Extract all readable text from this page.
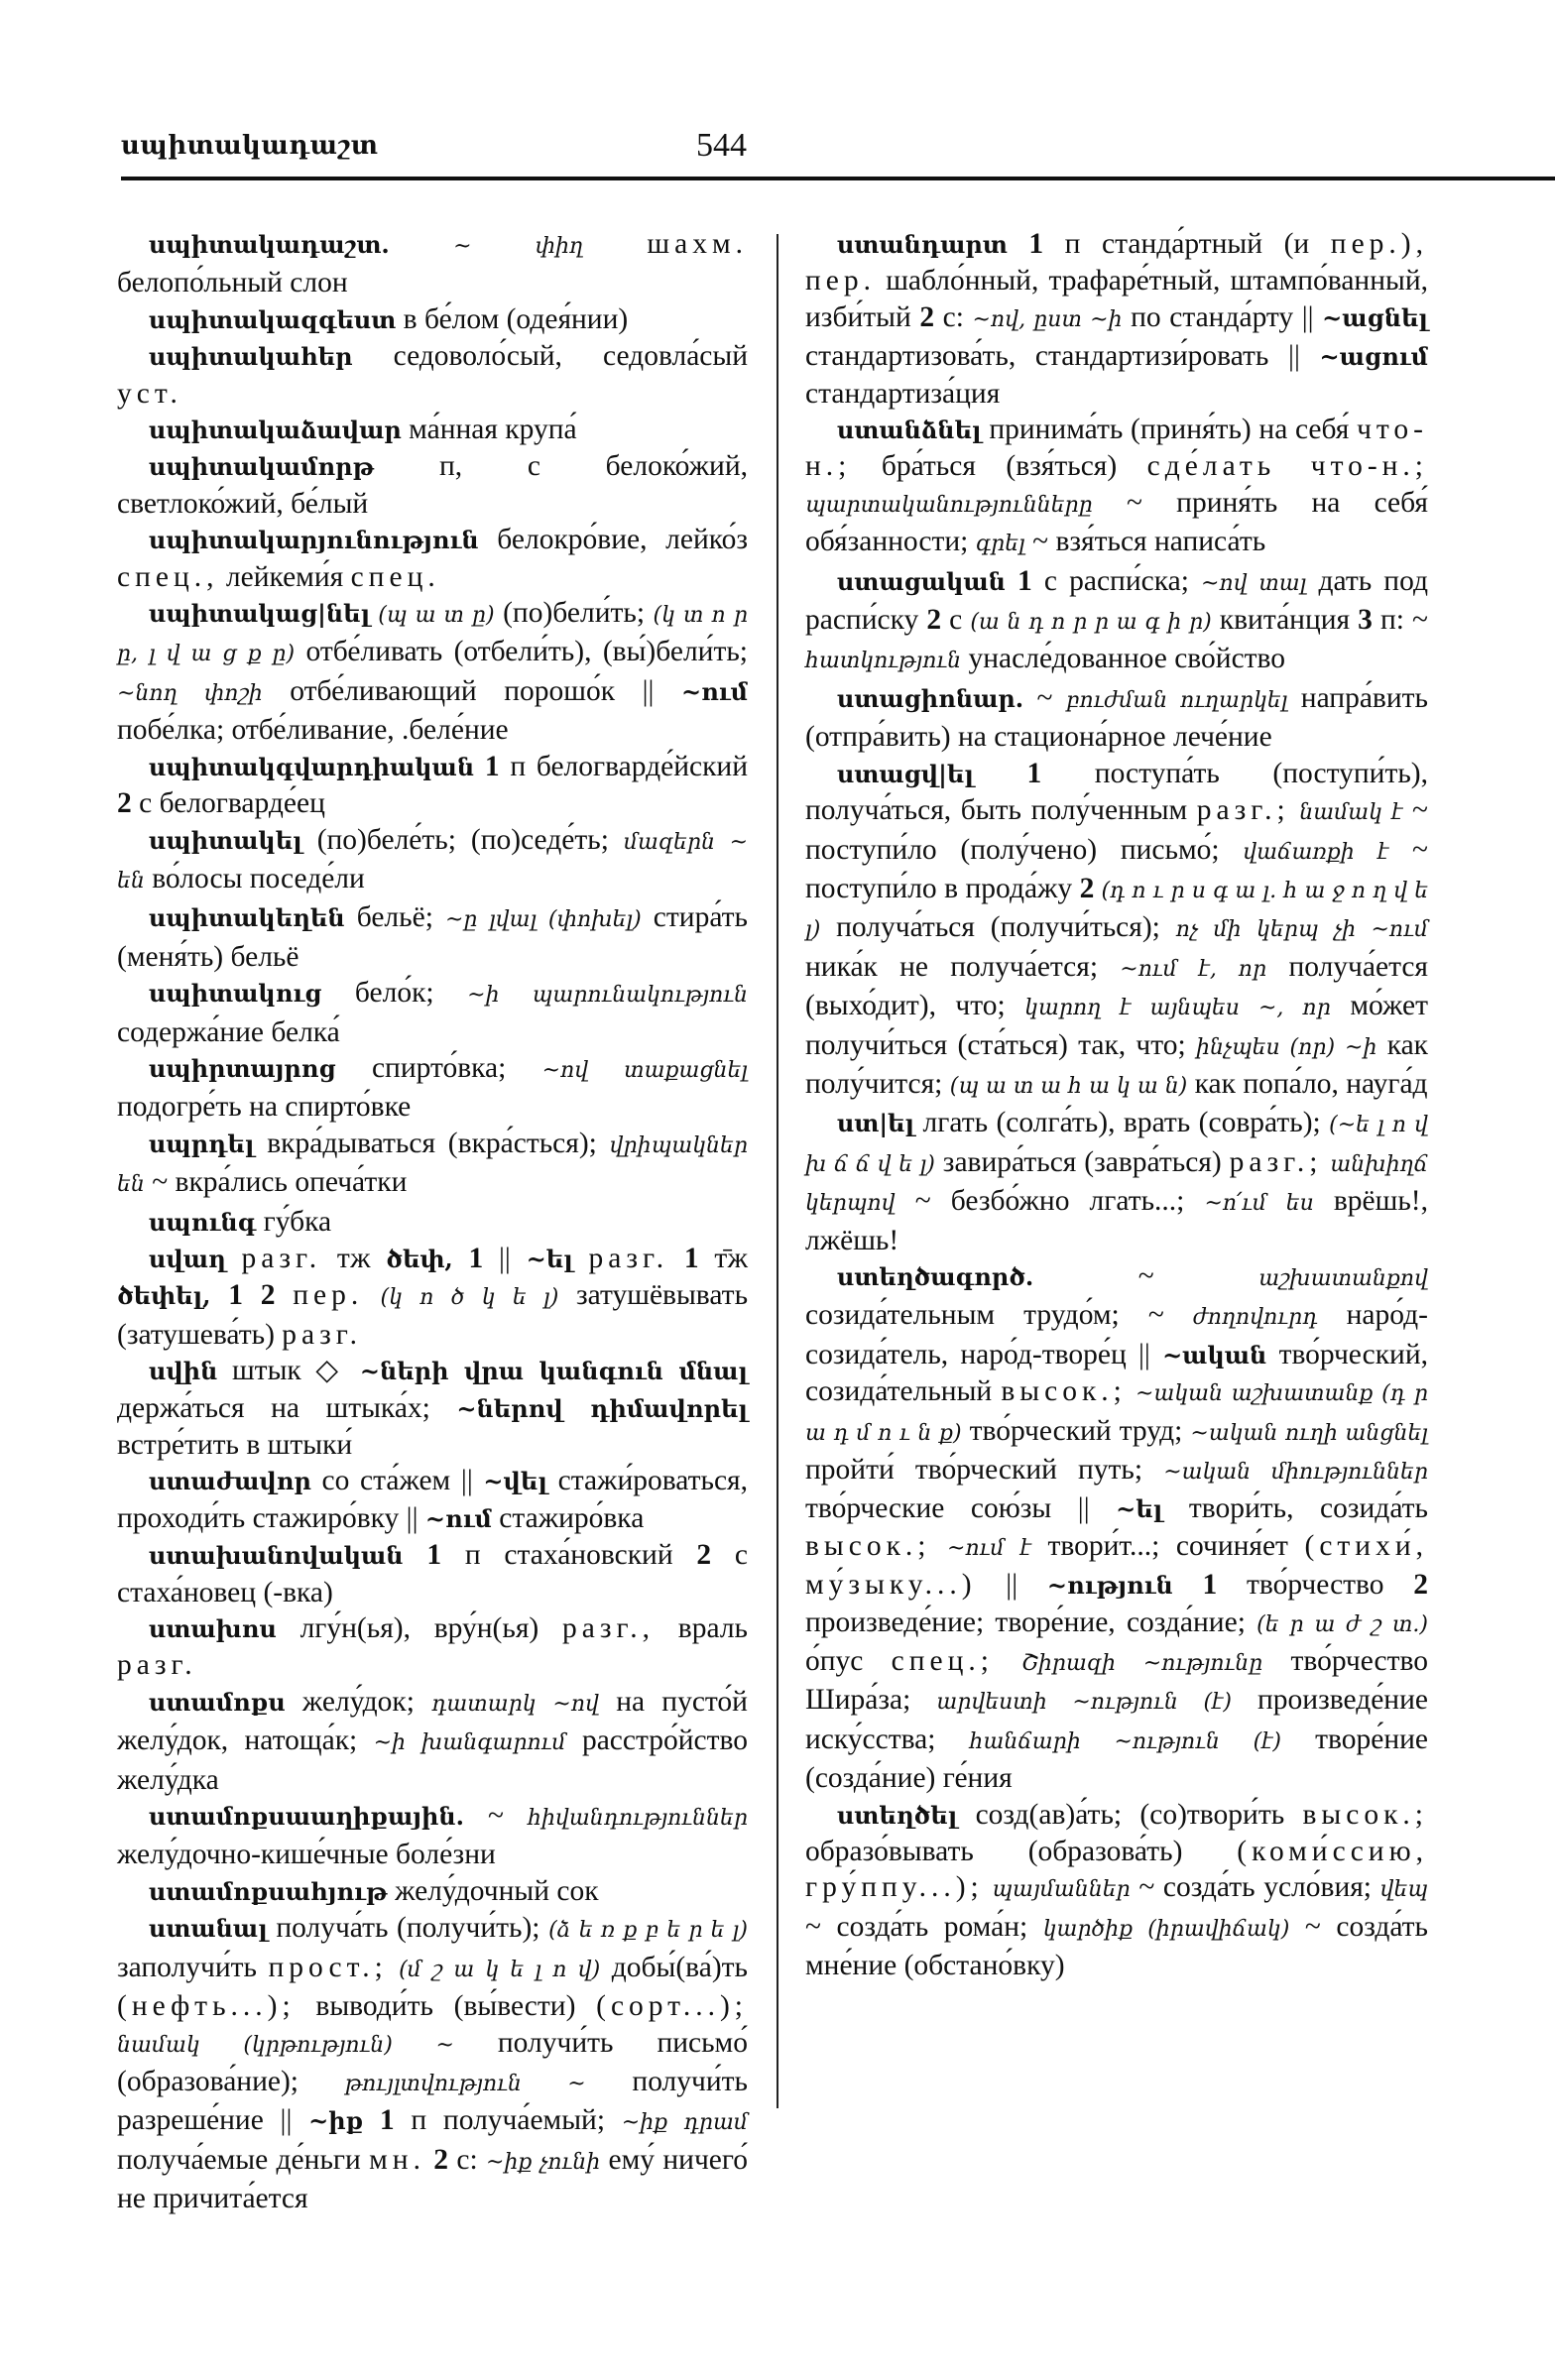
սպիտակադաշտ	544

սպիտակադաշտ.	~ փիղ шахм. белопо́льный слон

սպիտակազգեստ в бе́лом (одея́нии)

սպիտակահեր седоволо́сый, седовла́сый уст.

սպիտակաձավար ма́нная крупа́

սպիտակամորթ п, с белоко́жий, светлоко́жий, бе́лый

սպիտակարյունություն белокро́вие, лейко́з спец., лейкеми́я спец.

սպիտակաց|նել (պ ա տ ը) (по)бели́ть; (կ տ ո ր ը, լ վ ա ց ք ը) отбе́ливать (отбели́ть), (вы́)бели́ть; ~նող փոշի отбе́ливающий порошо́к || ~ում побе́лка; отбе́ливание, .беле́ние

սպիտակգվարդիական 1 п белогварде́йский 2 с белогварде́ец

սպիտակել (по)беле́ть; (по)седе́ть; մազերն ~ են во́лосы поседе́ли

սպիտակեղեն бельё; ~ը լվալ (փոխել) стира́ть (меня́ть) бельё

սպիտակուց бело́к; ~ի պարունակություն содержа́ние белка́

սպիրտայրոց спирто́вка; ~ով տաքացնել подогре́ть на спирто́вке

սպրդել вкра́дываться (вкра́сться); վրիպակներ են ~ вкра́лись опеча́тки

սպունգ гу́бка

սվաղ разг. тж ծեփ, 1 || ~ել разг. 1 т̄ж ծեփել, 1 2 пер. (կ ո ծ կ ե լ) затушёвывать (затушева́ть) разг.

սվին штык ◇ ~ների վրա կանգուն մնալ держа́ться на штыка́х; ~ներով դիմավորել встре́тить в штыки́

ստաժավոր со ста́жем || ~վել стажи́роваться, проходи́ть стажиро́вку || ~ում стажиро́вка

ստախանովական 1 п стаха́новский 2 с стаха́новец (-вка)

ստախոս лгу́н(ья), вру́н(ья) разг., враль разг.

ստամոքս желу́док; դատարկ ~ով на пусто́й желу́док, натоща́к; ~ի խանգարում расстро́йство желу́дка

ստամոքսաաղիքային. ~ հիվանդություններ желу́дочно-кише́чные боле́зни

ստամոքսահյութ желу́дочный сок

ստանալ получа́ть (получи́ть); (ձ ե ռ ք բ ե ր ե լ) заполучи́ть прост.; (մ շ ա կ ե լ ո վ) добы́(ва́)ть (нефть...); выводи́ть (вы́вести) (сорт...); նամակ (կրթություն) ~ получи́ть письмо́ (образова́ние); թույլտվություն ~ получи́ть разреше́ние || ~իք 1 п получа́емый; ~իք դրամ получа́емые де́ньги мн. 2 с: ~իք չունի ему́ ничего́ не причита́ется

ստանդարտ 1 п станда́ртный (и пер.), пер. шабло́нный, трафаре́тный, штампо́ванный, изби́тый 2 с: ~ով, ըստ ~ի по станда́рту || ~ացնել стандартизова́ть, стандартизи́ровать || ~ացում стандартиза́ция

ստանձնել принима́ть (приня́ть) на себя́ что-н.; бра́ться (взя́ться) сде́лать что-н.; պարտականությունները ~ приня́ть на себя́ обя́занности; գրել ~ взя́ться написа́ть

ստացական 1 с распи́ска; ~ով տալ дать под распи́ску 2 с (ա ն դ ո ր ր ա գ ի ր) квита́нция 3 п: ~ հատկություն унасле́дованное сво́йство

ստացիոնար. ~ բուժման ուղարկել напра́вить (отпра́вить) на стациона́рное лече́ние

ստացվ|ել 1 поступа́ть (поступи́ть), получа́ться, быть полу́ченным разг.; նամակ է ~ поступи́ло (полу́чено) письмо́; վաճառքի է ~ поступи́ло в прода́жу 2 (դ ո ւ ր ս գ ա լ․ հ ա ջ ո ղ վ ե լ) получа́ться (получи́ться); ոչ մի կերպ չի ~ում ника́к не получа́ется; ~ում է, որ получа́ется (выхо́дит), что; կարող է այնպես ~, որ мо́жет получи́ться (ста́ться) так, что; ինչպես (որ) ~ի как полу́чится; (պ ա տ ա հ ա կ ա ն) как попа́ло, науга́д

ստ|ել лгать (солга́ть), врать (совра́ть); (~ե լ ո վ խ ճ ճ վ ե լ) завира́ться (завра́ться) разг.; անխիղճ կերպով ~ безбо́жно лгать...; ~ո՛ւմ ես врёшь!, лжёшь!

ստեղծագործ. ~ աշխատանքով созида́тельным трудо́м; ~ ժողովուրդ наро́д-созида́тель, наро́д-творе́ц || ~ական тво́рческий, созида́тельный высок.; ~ական աշխատանք (դ ր ա դ մ ո ւ ն ք) тво́рческий труд; ~ական ուղի անցնել пройти́ тво́рческий путь; ~ական միություններ тво́рческие сою́зы || ~ել твори́ть, созида́ть высок.; ~ում է твори́т...; сочиня́ет (стихи́, му́зыку...) || ~ություն 1 тво́рчество 2 произведе́ние; творе́ние, созда́ние; (ե ր ա ժ շ տ.) о́пус спец.; Շիրազի ~ությունը тво́рчество Шира́за; արվեստի ~ություն (է) произведе́ние иску́сства; հանճարի ~ություն (է) творе́ние (созда́ние) ге́ния

ստեղծել созд(ав)а́ть; (со)твори́ть высок.; образо́вывать (образова́ть) (коми́ссию, гру́ппу...); պայմաններ ~ созда́ть усло́вия; վեպ ~ созда́ть рома́н; կարծիք (իրավիճակ) ~ созда́ть мне́ние (обстано́вку)
